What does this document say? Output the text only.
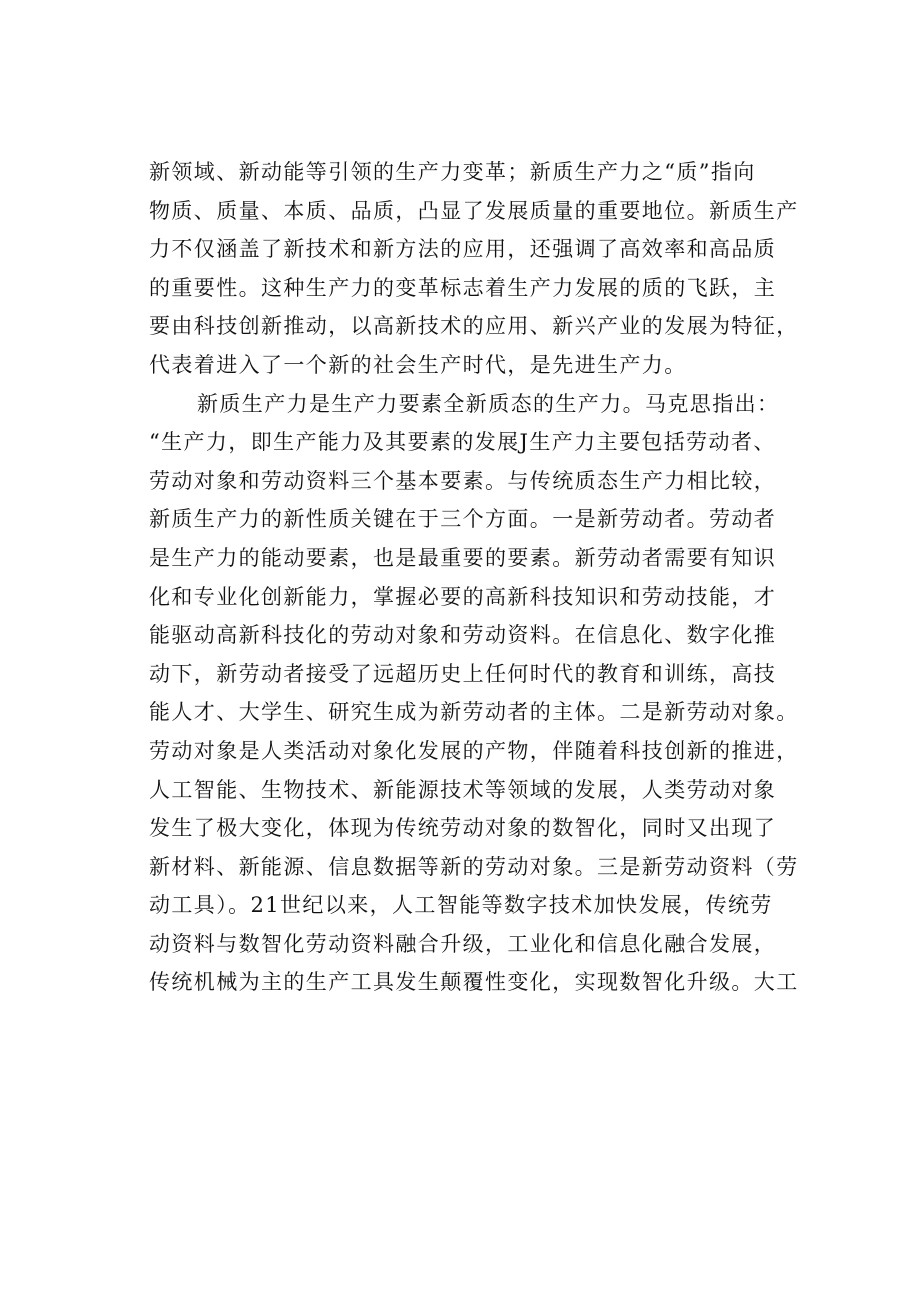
新领域、新动能等引领的生产力变革；新质生产力之“质”指向
物质、质量、本质、品质，凸显了发展质量的重要地位。新质生产
力不仅涵盖了新技术和新方法的应用，还强调了高效率和高品质
的重要性。这种生产力的变革标志着生产力发展的质的飞跃，主
要由科技创新推动，以高新技术的应用、新兴产业的发展为特征，
代表着进入了一个新的社会生产时代，是先进生产力。
新质生产力是生产力要素全新质态的生产力。马克思指出：
“生产力，即生产能力及其要素的发展J生产力主要包括劳动者、
劳动对象和劳动资料三个基本要素。与传统质态生产力相比较，
新质生产力的新性质关键在于三个方面。一是新劳动者。劳动者
是生产力的能动要素，也是最重要的要素。新劳动者需要有知识
化和专业化创新能力，掌握必要的高新科技知识和劳动技能，才
能驱动高新科技化的劳动对象和劳动资料。在信息化、数字化推
动下，新劳动者接受了远超历史上任何时代的教育和训练，高技
能人才、大学生、研究生成为新劳动者的主体。二是新劳动对象。
劳动对象是人类活动对象化发展的产物，伴随着科技创新的推进，
人工智能、生物技术、新能源技术等领域的发展，人类劳动对象
发生了极大变化，体现为传统劳动对象的数智化，同时又出现了
新材料、新能源、信息数据等新的劳动对象。三是新劳动资料（劳
动工具）。21世纪以来，人工智能等数字技术加快发展，传统劳
动资料与数智化劳动资料融合升级，工业化和信息化融合发展，
传统机械为主的生产工具发生颠覆性变化，实现数智化升级。大工
